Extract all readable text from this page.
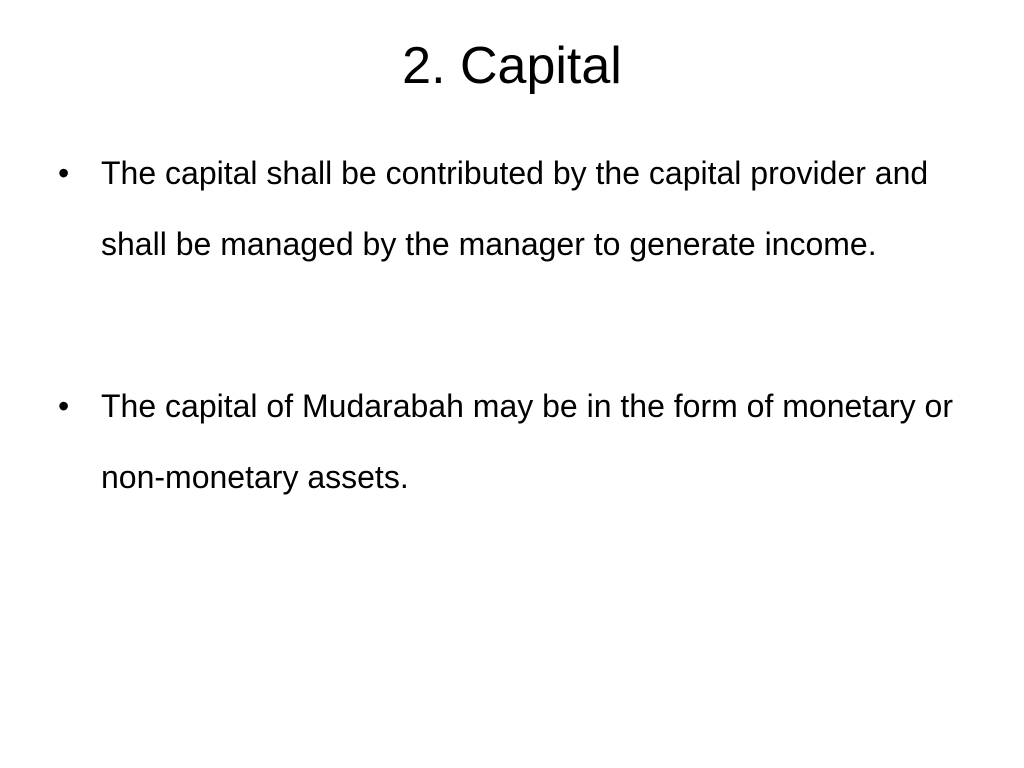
2. Capital
• The capital shall be contributed by the capital provider and shall be managed by the manager to generate income.
• The capital of Mudarabah may be in the form of monetary or non-monetary assets.
